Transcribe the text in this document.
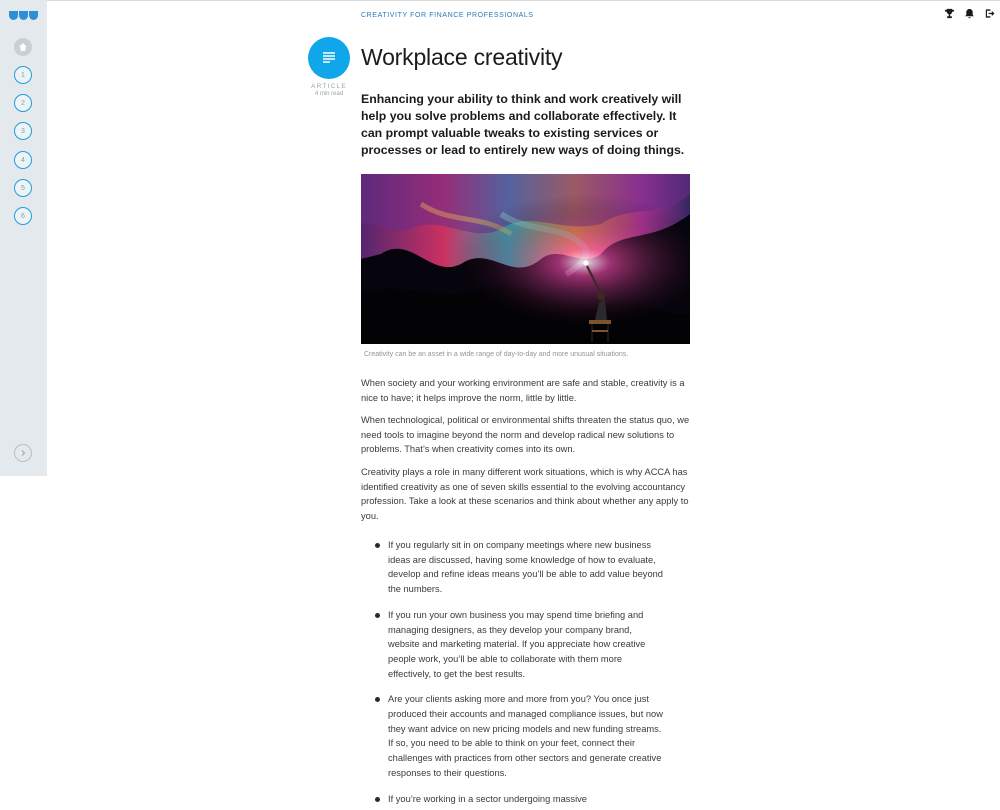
1
2
3
4
5
6
CREATIVITY FOR FINANCE PROFESSIONALS
ARTICLE
4 min read
Workplace creativity

Enhancing your ability to think and work creatively will help you solve problems and collaborate effectively. It can prompt valuable tweaks to existing services or processes or lead to entirely new ways of doing things.

Creativity can be an asset in a wide range of day-to-day and more unusual situations.

When society and your working environment are safe and stable, creativity is a nice to have; it helps improve the norm, little by little.

When technological, political or environmental shifts threaten the status quo, we need tools to imagine beyond the norm and develop radical new solutions to problems. That’s when creativity comes into its own.

Creativity plays a role in many different work situations, which is why ACCA has identified creativity as one of seven skills essential to the evolving accountancy profession. Take a look at these scenarios and think about whether any apply to you.

If you regularly sit in on company meetings where new business ideas are discussed, having some knowledge of how to evaluate, develop and refine ideas means you’ll be able to add value beyond the numbers.
If you run your own business you may spend time briefing and managing designers, as they develop your company brand, website and marketing material. If you appreciate how creative people work, you’ll be able to collaborate with them more effectively, to get the best results.
Are your clients asking more and more from you? You once just produced their accounts and managed compliance issues, but now they want advice on new pricing models and new funding streams. If so, you need to be able to think on your feet, connect their challenges with practices from other sectors and generate creative responses to their questions.
If you’re working in a sector undergoing massive
